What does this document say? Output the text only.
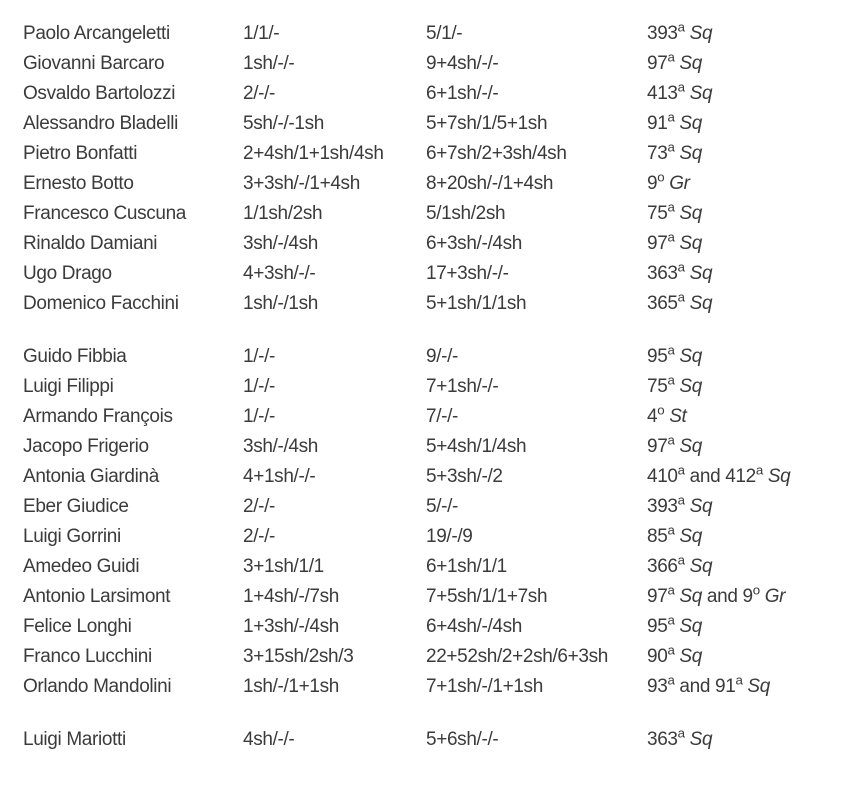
Paolo Arcangeletti	1/1/-	5/1/-	393$^a$ Sq
Giovanni Barcaro	1sh/-/-	9+4sh/-/-	97$^a$ Sq
Osvaldo Bartolozzi	2/-/-	6+1sh/-/-	413$^a$ Sq
Alessandro Bladelli	5sh/-/-1sh	5+7sh/1/5+1sh	91$^a$ Sq
Pietro Bonfatti	2+4sh/1+1sh/4sh	6+7sh/2+3sh/4sh	73$^a$ Sq
Ernesto Botto	3+3sh/-/1+4sh	8+20sh/-/1+4sh	9$^o$ Gr
Francesco Cuscuna	1/1sh/2sh	5/1sh/2sh	75$^a$ Sq
Rinaldo Damiani	3sh/-/4sh	6+3sh/-/4sh	97$^a$ Sq
Ugo Drago	4+3sh/-/-	17+3sh/-/-	363$^a$ Sq
Domenico Facchini	1sh/-/1sh	5+1sh/1/1sh	365$^a$ Sq
Guido Fibbia	1/-/-	9/-/-	95$^a$ Sq
Luigi Filippi	1/-/-	7+1sh/-/-	75$^a$ Sq
Armando François	1/-/-	7/-/-	4$^o$ St
Jacopo Frigerio	3sh/-/4sh	5+4sh/1/4sh	97$^a$ Sq
Antonia Giardinà	4+1sh/-/-	5+3sh/-/2	410$^a$ and 412$^a$ Sq
Eber Giudice	2/-/-	5/-/-	393$^a$ Sq
Luigi Gorrini	2/-/-	19/-/9	85$^a$ Sq
Amedeo Guidi	3+1sh/1/1	6+1sh/1/1	366$^a$ Sq
Antonio Larsimont	1+4sh/-/7sh	7+5sh/1/1+7sh	97$^a$ Sq and 9$^o$ Gr
Felice Longhi	1+3sh/-/4sh	6+4sh/-/4sh	95$^a$ Sq
Franco Lucchini	3+15sh/2sh/3	22+52sh/2+2sh/6+3sh	90$^a$ Sq
Orlando Mandolini	1sh/-/1+1sh	7+1sh/-/1+1sh	93$^a$ and 91$^a$ Sq
Luigi Mariotti	4sh/-/-	5+6sh/-/-	363$^a$ Sq
